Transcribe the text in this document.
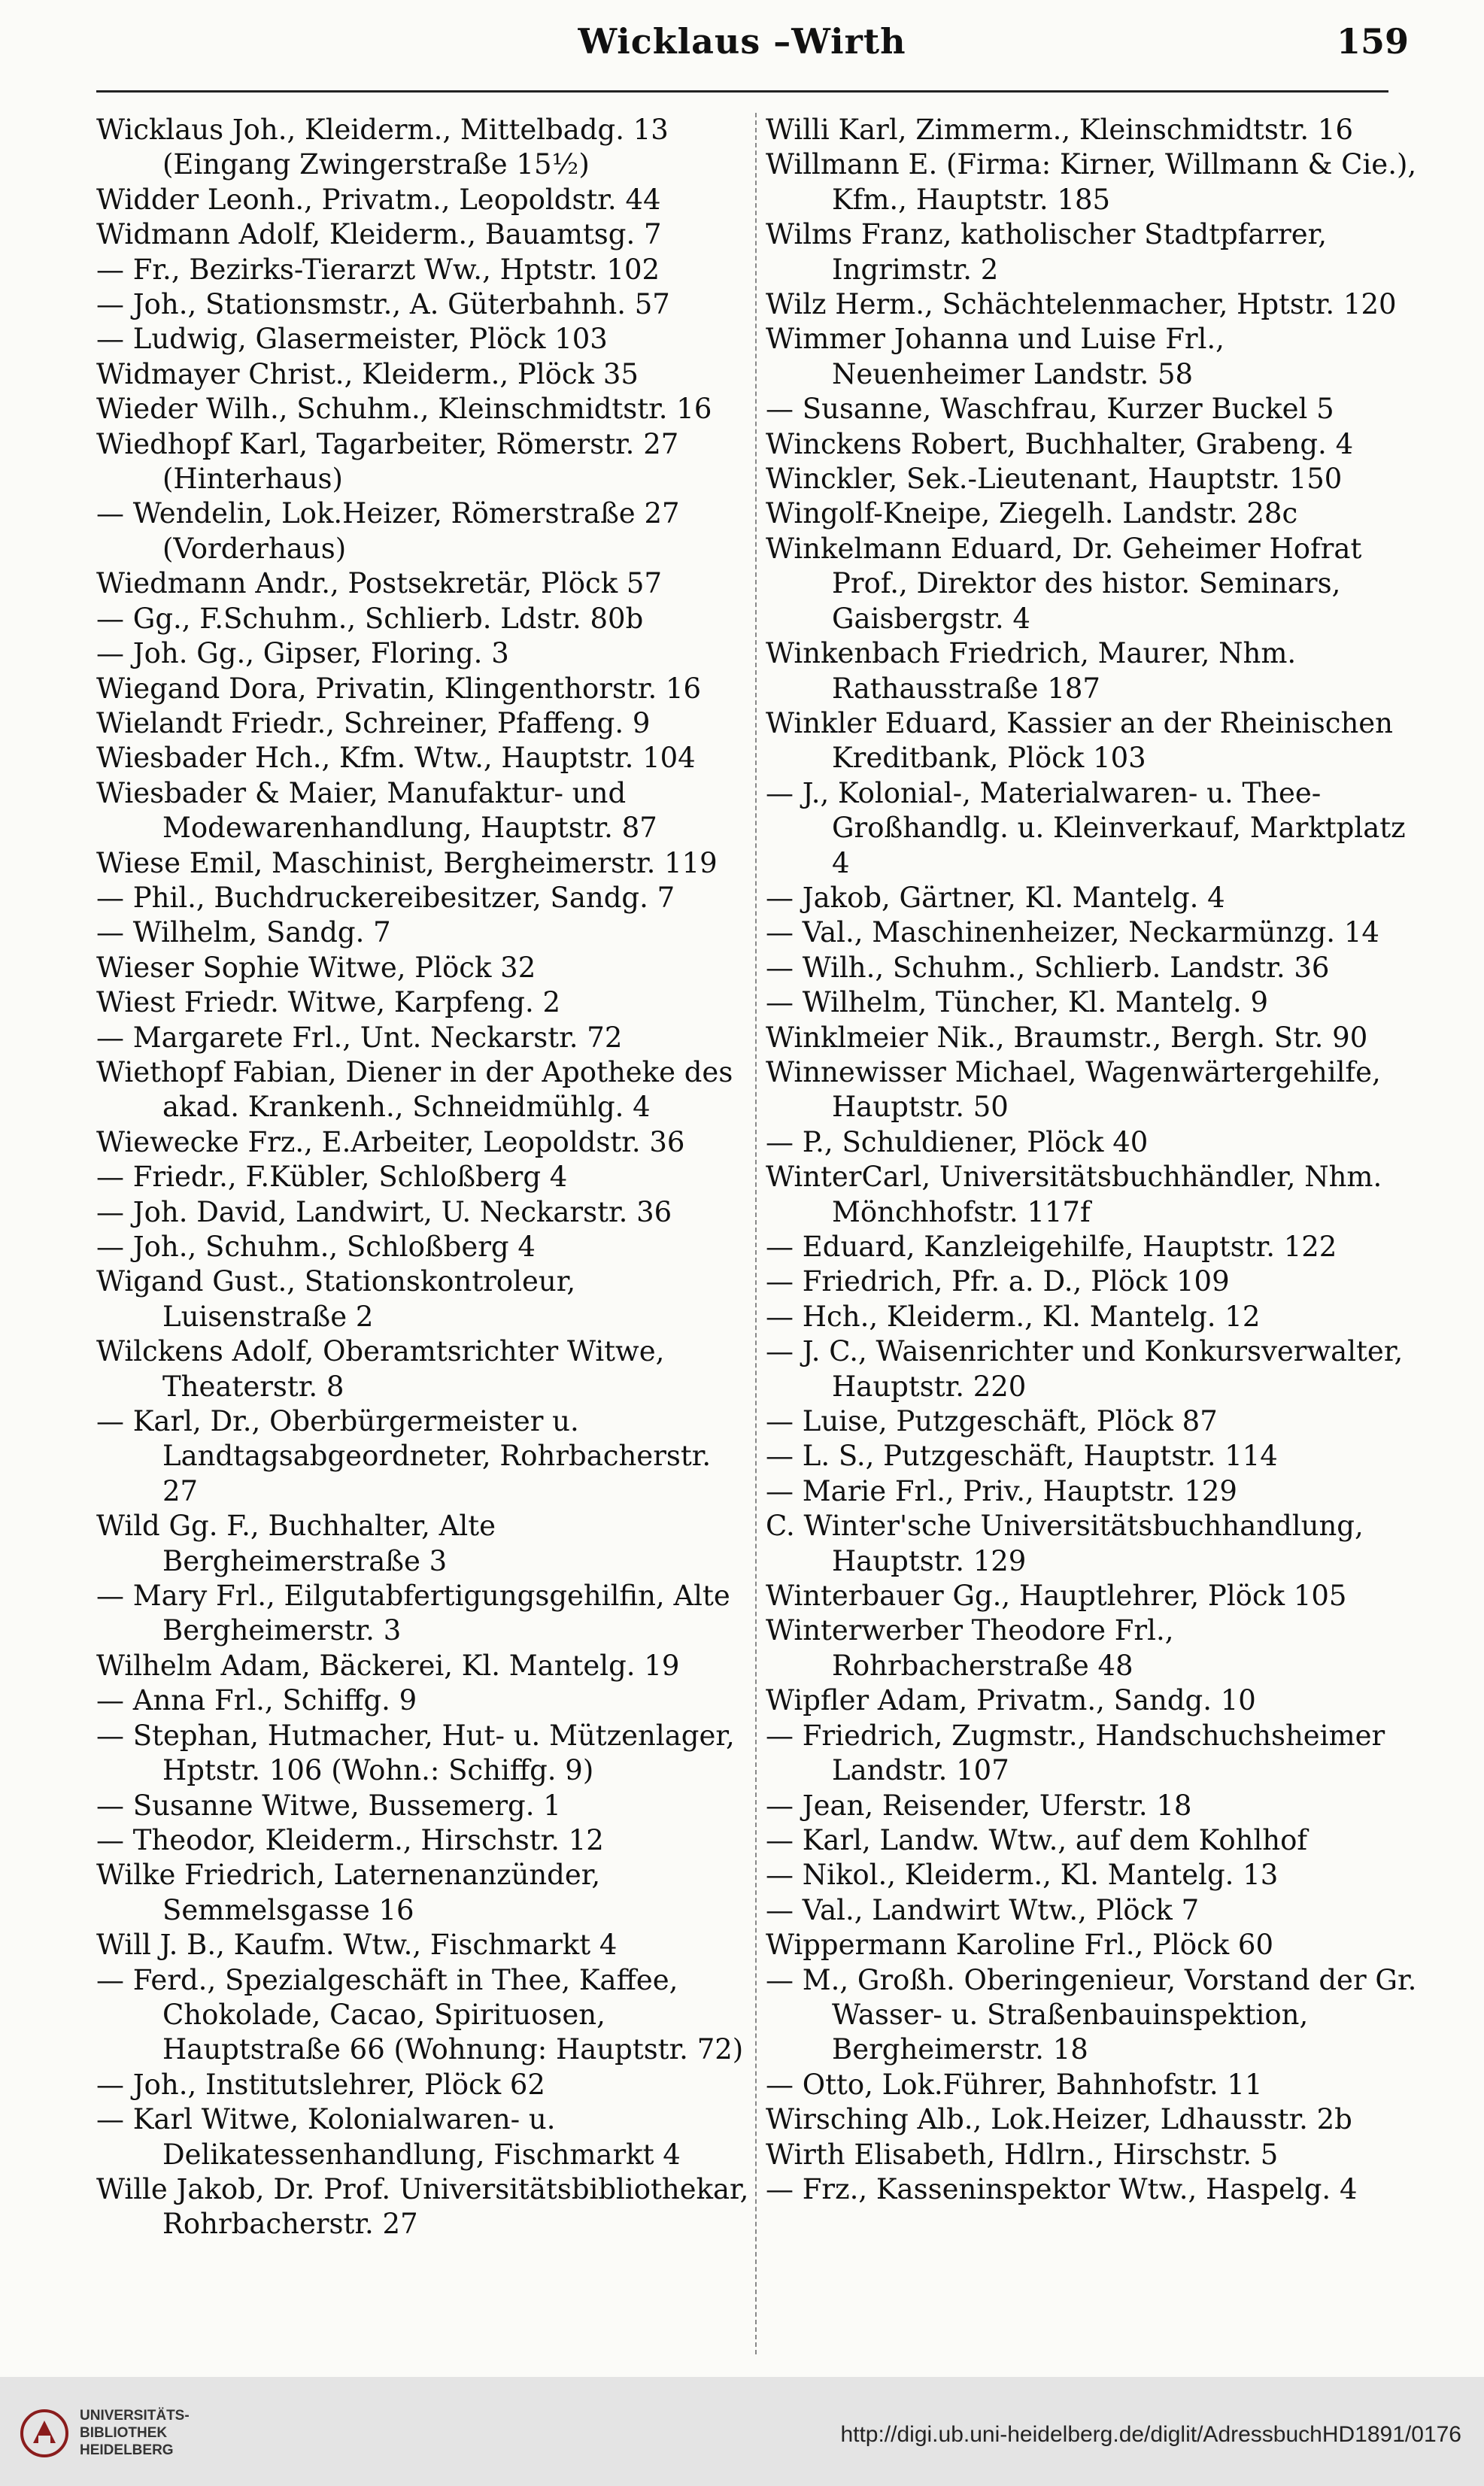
Wicklaus –Wirth	159
Wicklaus Joh., Kleiderm., Mittelbadg. 13 (Eingang Zwingerstraße 15½)
Widder Leonh., Privatm., Leopoldstr. 44
Widmann Adolf, Kleiderm., Bauamtsg. 7
— Fr., Bezirks-Tierarzt Ww., Hptstr. 102
— Joh., Stationsmstr., A. Güterbahnh. 57
— Ludwig, Glasermeister, Plöck 103
Widmayer Christ., Kleiderm., Plöck 35
Wieder Wilh., Schuhm., Kleinschmidtstr. 16
Wiedhopf Karl, Tagarbeiter, Römerstr. 27 (Hinterhaus)
— Wendelin, Lok.Heizer, Römerstraße 27 (Vorderhaus)
Wiedmann Andr., Postsekretär, Plöck 57
— Gg., F.Schuhm., Schlierb. Ldstr. 80b
— Joh. Gg., Gipser, Floring. 3
Wiegand Dora, Privatin, Klingenthorstr. 16
Wielandt Friedr., Schreiner, Pfaffeng. 9
Wiesbader Hch., Kfm. Wtw., Hauptstr. 104
Wiesbader & Maier, Manufaktur- und Modewarenhandlung, Hauptstr. 87
Wiese Emil, Maschinist, Bergheimerstr. 119
— Phil., Buchdruckereibesitzer, Sandg. 7
— Wilhelm, Sandg. 7
Wieser Sophie Witwe, Plöck 32
Wiest Friedr. Witwe, Karpfeng. 2
— Margarete Frl., Unt. Neckarstr. 72
Wiethopf Fabian, Diener in der Apotheke des akad. Krankenh., Schneidmühlg. 4
Wiewecke Frz., E.Arbeiter, Leopoldstr. 36
— Friedr., F.Kübler, Schloßberg 4
— Joh. David, Landwirt, U. Neckarstr. 36
— Joh., Schuhm., Schloßberg 4
Wigand Gust., Stationskontroleur, Luisenstraße 2
Wilckens Adolf, Oberamtsrichter Witwe, Theaterstr. 8
— Karl, Dr., Oberbürgermeister u. Landtagsabgeordneter, Rohrbacherstr. 27
Wild Gg. F., Buchhalter, Alte Bergheimerstraße 3
— Mary Frl., Eilgutabfertigungsgehilfin, Alte Bergheimerstr. 3
Wilhelm Adam, Bäckerei, Kl. Mantelg. 19
— Anna Frl., Schiffg. 9
— Stephan, Hutmacher, Hut- u. Mützenlager, Hptstr. 106 (Wohn.: Schiffg. 9)
— Susanne Witwe, Bussemerg. 1
— Theodor, Kleiderm., Hirschstr. 12
Wilke Friedrich, Laternenanzünder, Semmelsgasse 16
Will J. B., Kaufm. Wtw., Fischmarkt 4
— Ferd., Spezialgeschäft in Thee, Kaffee, Chokolade, Cacao, Spirituosen, Hauptstraße 66 (Wohnung: Hauptstr. 72)
— Joh., Institutslehrer, Plöck 62
— Karl Witwe, Kolonialwaren- u. Delikatessenhandlung, Fischmarkt 4
Wille Jakob, Dr. Prof. Universitätsbibliothekar, Rohrbacherstr. 27
Willi Karl, Zimmerm., Kleinschmidtstr. 16
Willmann E. (Firma: Kirner, Willmann & Cie.), Kfm., Hauptstr. 185
Wilms Franz, katholischer Stadtpfarrer, Ingrimstr. 2
Wilz Herm., Schächtelenmacher, Hptstr. 120
Wimmer Johanna und Luise Frl., Neuenheimer Landstr. 58
— Susanne, Waschfrau, Kurzer Buckel 5
Winckens Robert, Buchhalter, Grabeng. 4
Winckler, Sek.-Lieutenant, Hauptstr. 150
Wingolf-Kneipe, Ziegelh. Landstr. 28c
Winkelmann Eduard, Dr. Geheimer Hofrat Prof., Direktor des histor. Seminars, Gaisbergstr. 4
Winkenbach Friedrich, Maurer, Nhm. Rathausstraße 187
Winkler Eduard, Kassier an der Rheinischen Kreditbank, Plöck 103
— J., Kolonial-, Materialwaren- u. Thee-Großhandlg. u. Kleinverkauf, Marktplatz 4
— Jakob, Gärtner, Kl. Mantelg. 4
— Val., Maschinenheizer, Neckarmünzg. 14
— Wilh., Schuhm., Schlierb. Landstr. 36
— Wilhelm, Tüncher, Kl. Mantelg. 9
Winklmeier Nik., Braumstr., Bergh. Str. 90
Winnewisser Michael, Wagenwärtergehilfe, Hauptstr. 50
— P., Schuldiener, Plöck 40
WinterCarl, Universitätsbuchhändler, Nhm. Mönchhofstr. 117f
— Eduard, Kanzleigehilfe, Hauptstr. 122
— Friedrich, Pfr. a. D., Plöck 109
— Hch., Kleiderm., Kl. Mantelg. 12
— J. C., Waisenrichter und Konkursverwalter, Hauptstr. 220
— Luise, Putzgeschäft, Plöck 87
— L. S., Putzgeschäft, Hauptstr. 114
— Marie Frl., Priv., Hauptstr. 129
C. Winter'sche Universitätsbuchhandlung, Hauptstr. 129
Winterbauer Gg., Hauptlehrer, Plöck 105
Winterwerber Theodore Frl., Rohrbacherstraße 48
Wipfler Adam, Privatm., Sandg. 10
— Friedrich, Zugmstr., Handschuchsheimer Landstr. 107
— Jean, Reisender, Uferstr. 18
— Karl, Landw. Wtw., auf dem Kohlhof
— Nikol., Kleiderm., Kl. Mantelg. 13
— Val., Landwirt Wtw., Plöck 7
Wippermann Karoline Frl., Plöck 60
— M., Großh. Oberingenieur, Vorstand der Gr. Wasser- u. Straßenbauinspektion, Bergheimerstr. 18
— Otto, Lok.Führer, Bahnhofstr. 11
Wirsching Alb., Lok.Heizer, Ldhausstr. 2b
Wirth Elisabeth, Hdlrn., Hirschstr. 5
— Frz., Kasseninspektor Wtw., Haspelg. 4
UNIVERSITÄTS-
BIBLIOTHEK
HEIDELBERG
http://digi.ub.uni-heidelberg.de/diglit/AdressbuchHD1891/0176
